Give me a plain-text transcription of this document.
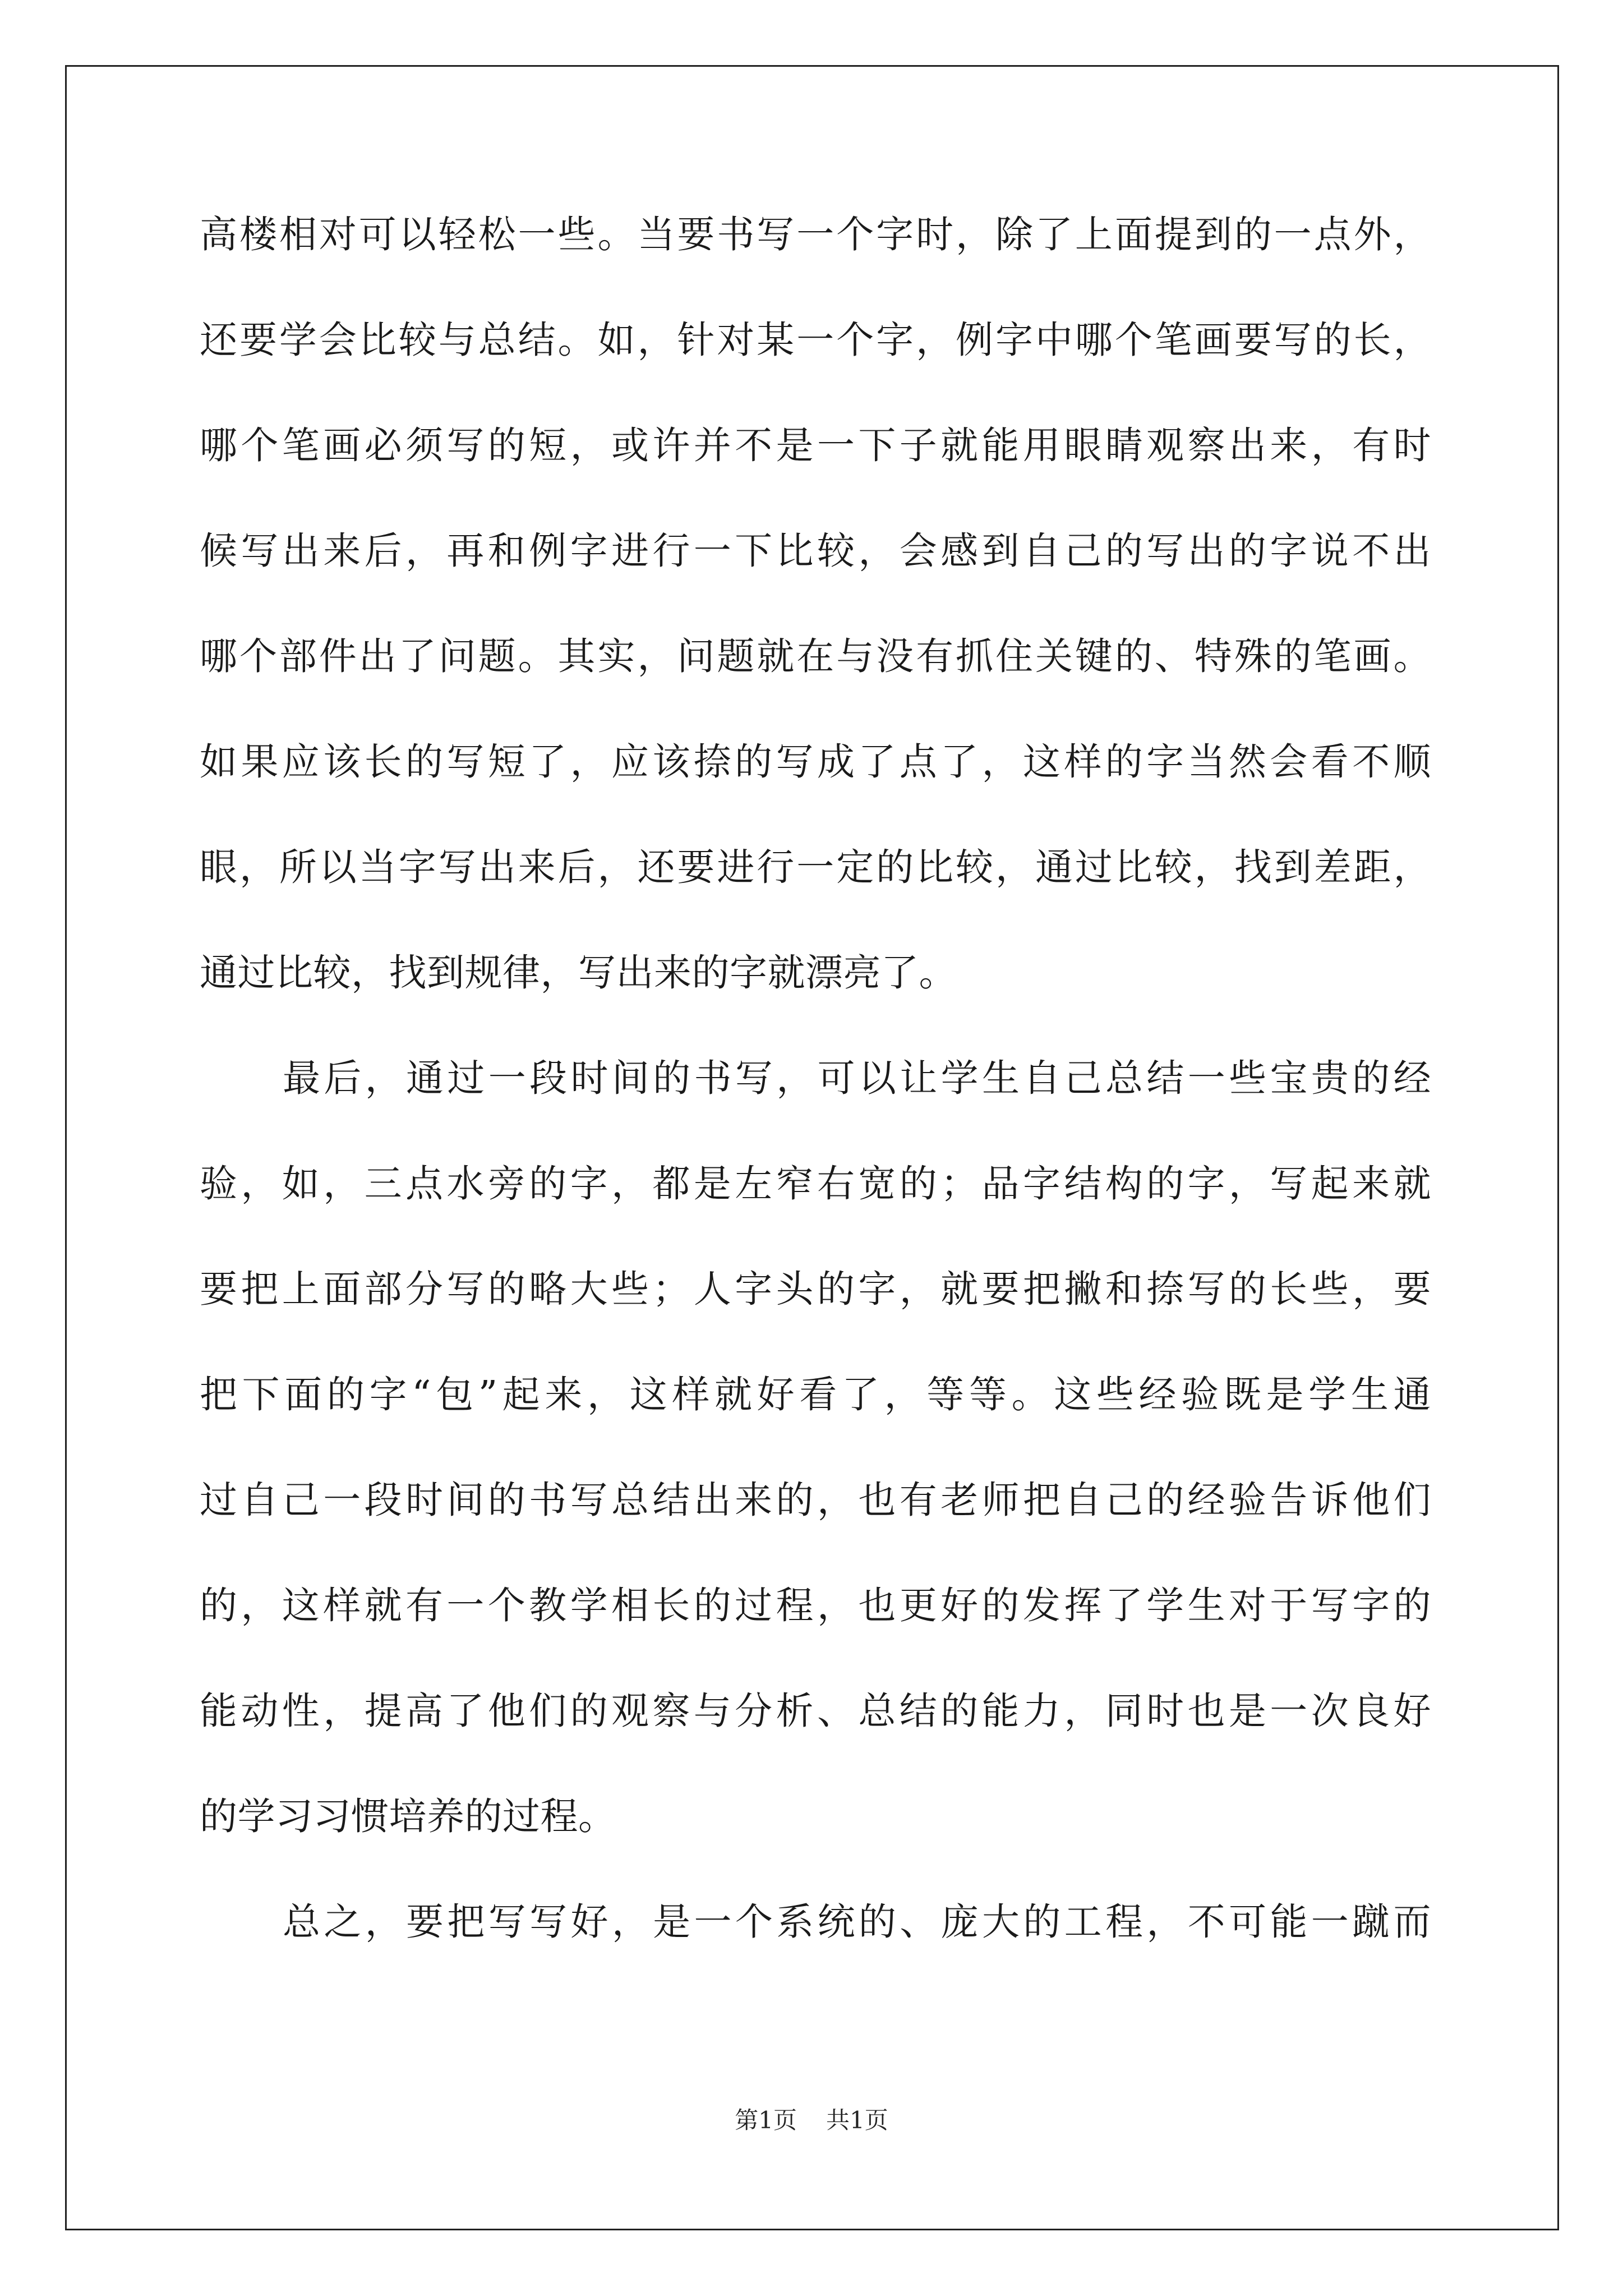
高楼相对可以轻松一些。当要书写一个字时，除了上面提到的一点外，
还要学会比较与总结。如，针对某一个字，例字中哪个笔画要写的长，
哪个笔画必须写的短，或许并不是一下子就能用眼睛观察出来，有时
候写出来后，再和例字进行一下比较，会感到自己的写出的字说不出
哪个部件出了问题。其实，问题就在与没有抓住关键的、特殊的笔画。
如果应该长的写短了，应该捺的写成了点了，这样的字当然会看不顺
眼，所以当字写出来后，还要进行一定的比较，通过比较，找到差距，
通过比较，找到规律，写出来的字就漂亮了。
最后，通过一段时间的书写，可以让学生自己总结一些宝贵的经
验，如，三点水旁的字，都是左窄右宽的；品字结构的字，写起来就
要把上面部分写的略大些；人字头的字，就要把撇和捺写的长些，要
把下面的字“包”起来，这样就好看了，等等。这些经验既是学生通
过自己一段时间的书写总结出来的，也有老师把自己的经验告诉他们
的，这样就有一个教学相长的过程，也更好的发挥了学生对于写字的
能动性，提高了他们的观察与分析、总结的能力，同时也是一次良好
的学习习惯培养的过程。
总之，要把写写好，是一个系统的、庞大的工程，不可能一蹴而
第1页 共1页
